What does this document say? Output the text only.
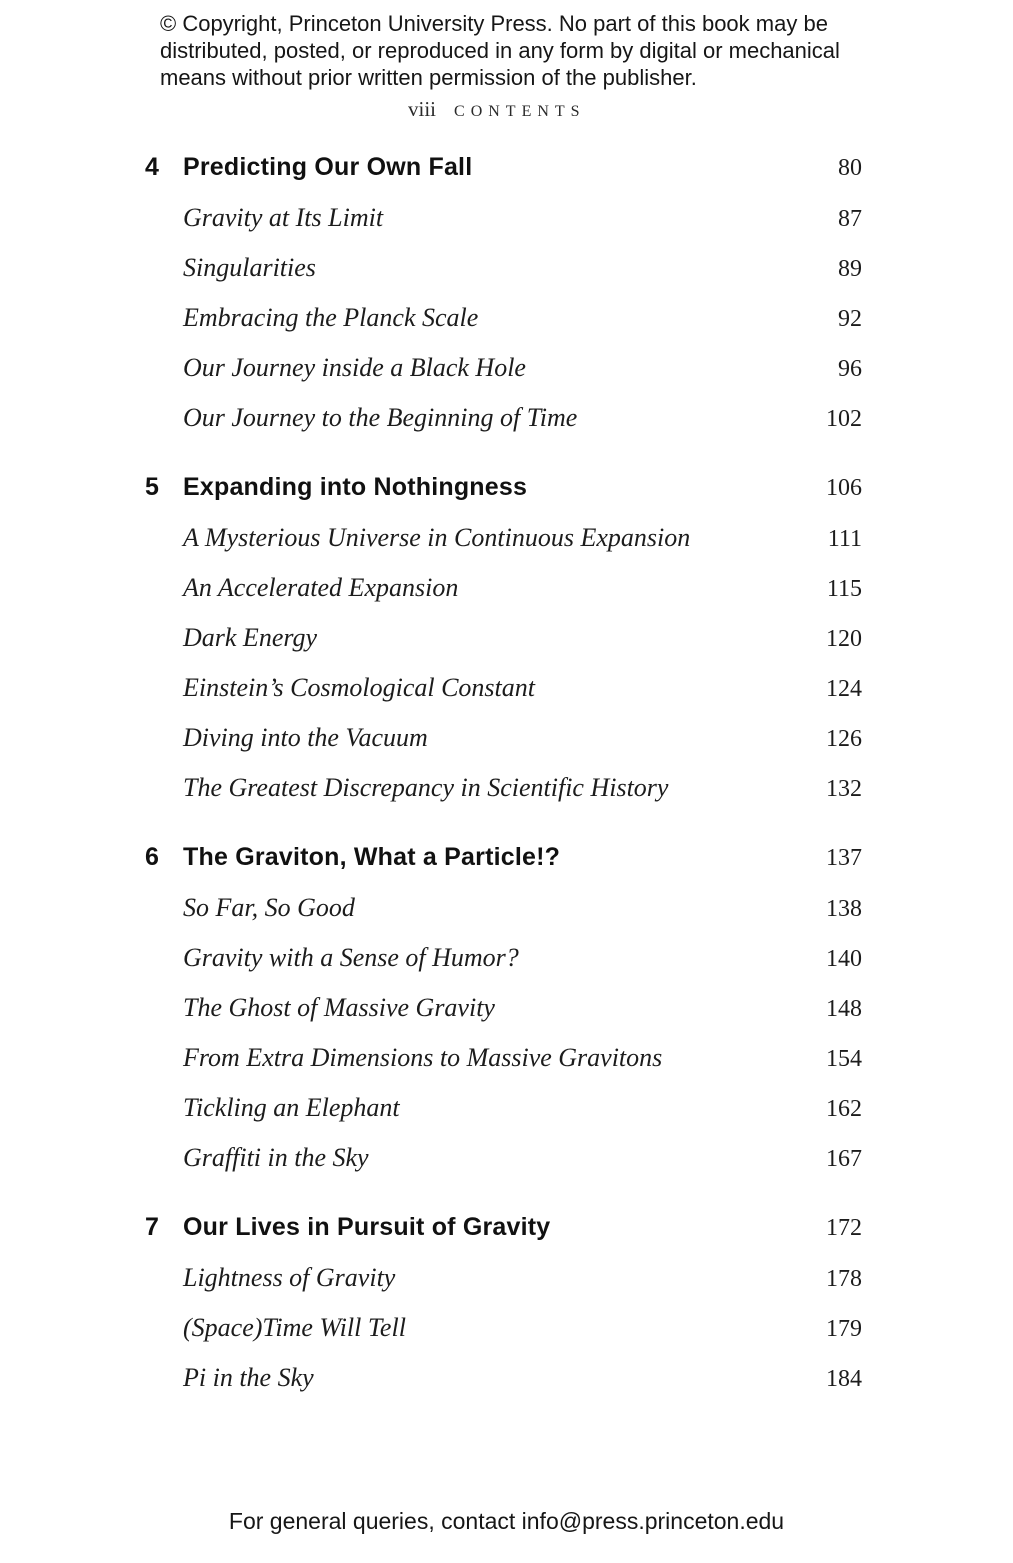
© Copyright, Princeton University Press. No part of this book may be
distributed, posted, or reproduced in any form by digital or mechanical
means without prior written permission of the publisher.
viii CONTENTS
4 Predicting Our Own Fall	80
Gravity at Its Limit	87
Singularities	89
Embracing the Planck Scale	92
Our Journey inside a Black Hole	96
Our Journey to the Beginning of Time	102
5 Expanding into Nothingness	106
A Mysterious Universe in Continuous Expansion	111
An Accelerated Expansion	115
Dark Energy	120
Einstein’s Cosmological Constant	124
Diving into the Vacuum	126
The Greatest Discrepancy in Scientific History	132
6 The Graviton, What a Particle!?	137
So Far, So Good	138
Gravity with a Sense of Humor?	140
The Ghost of Massive Gravity	148
From Extra Dimensions to Massive Gravitons	154
Tickling an Elephant	162
Graffiti in the Sky	167
7 Our Lives in Pursuit of Gravity	172
Lightness of Gravity	178
(Space)Time Will Tell	179
Pi in the Sky	184
For general queries, contact info@press.princeton.edu
